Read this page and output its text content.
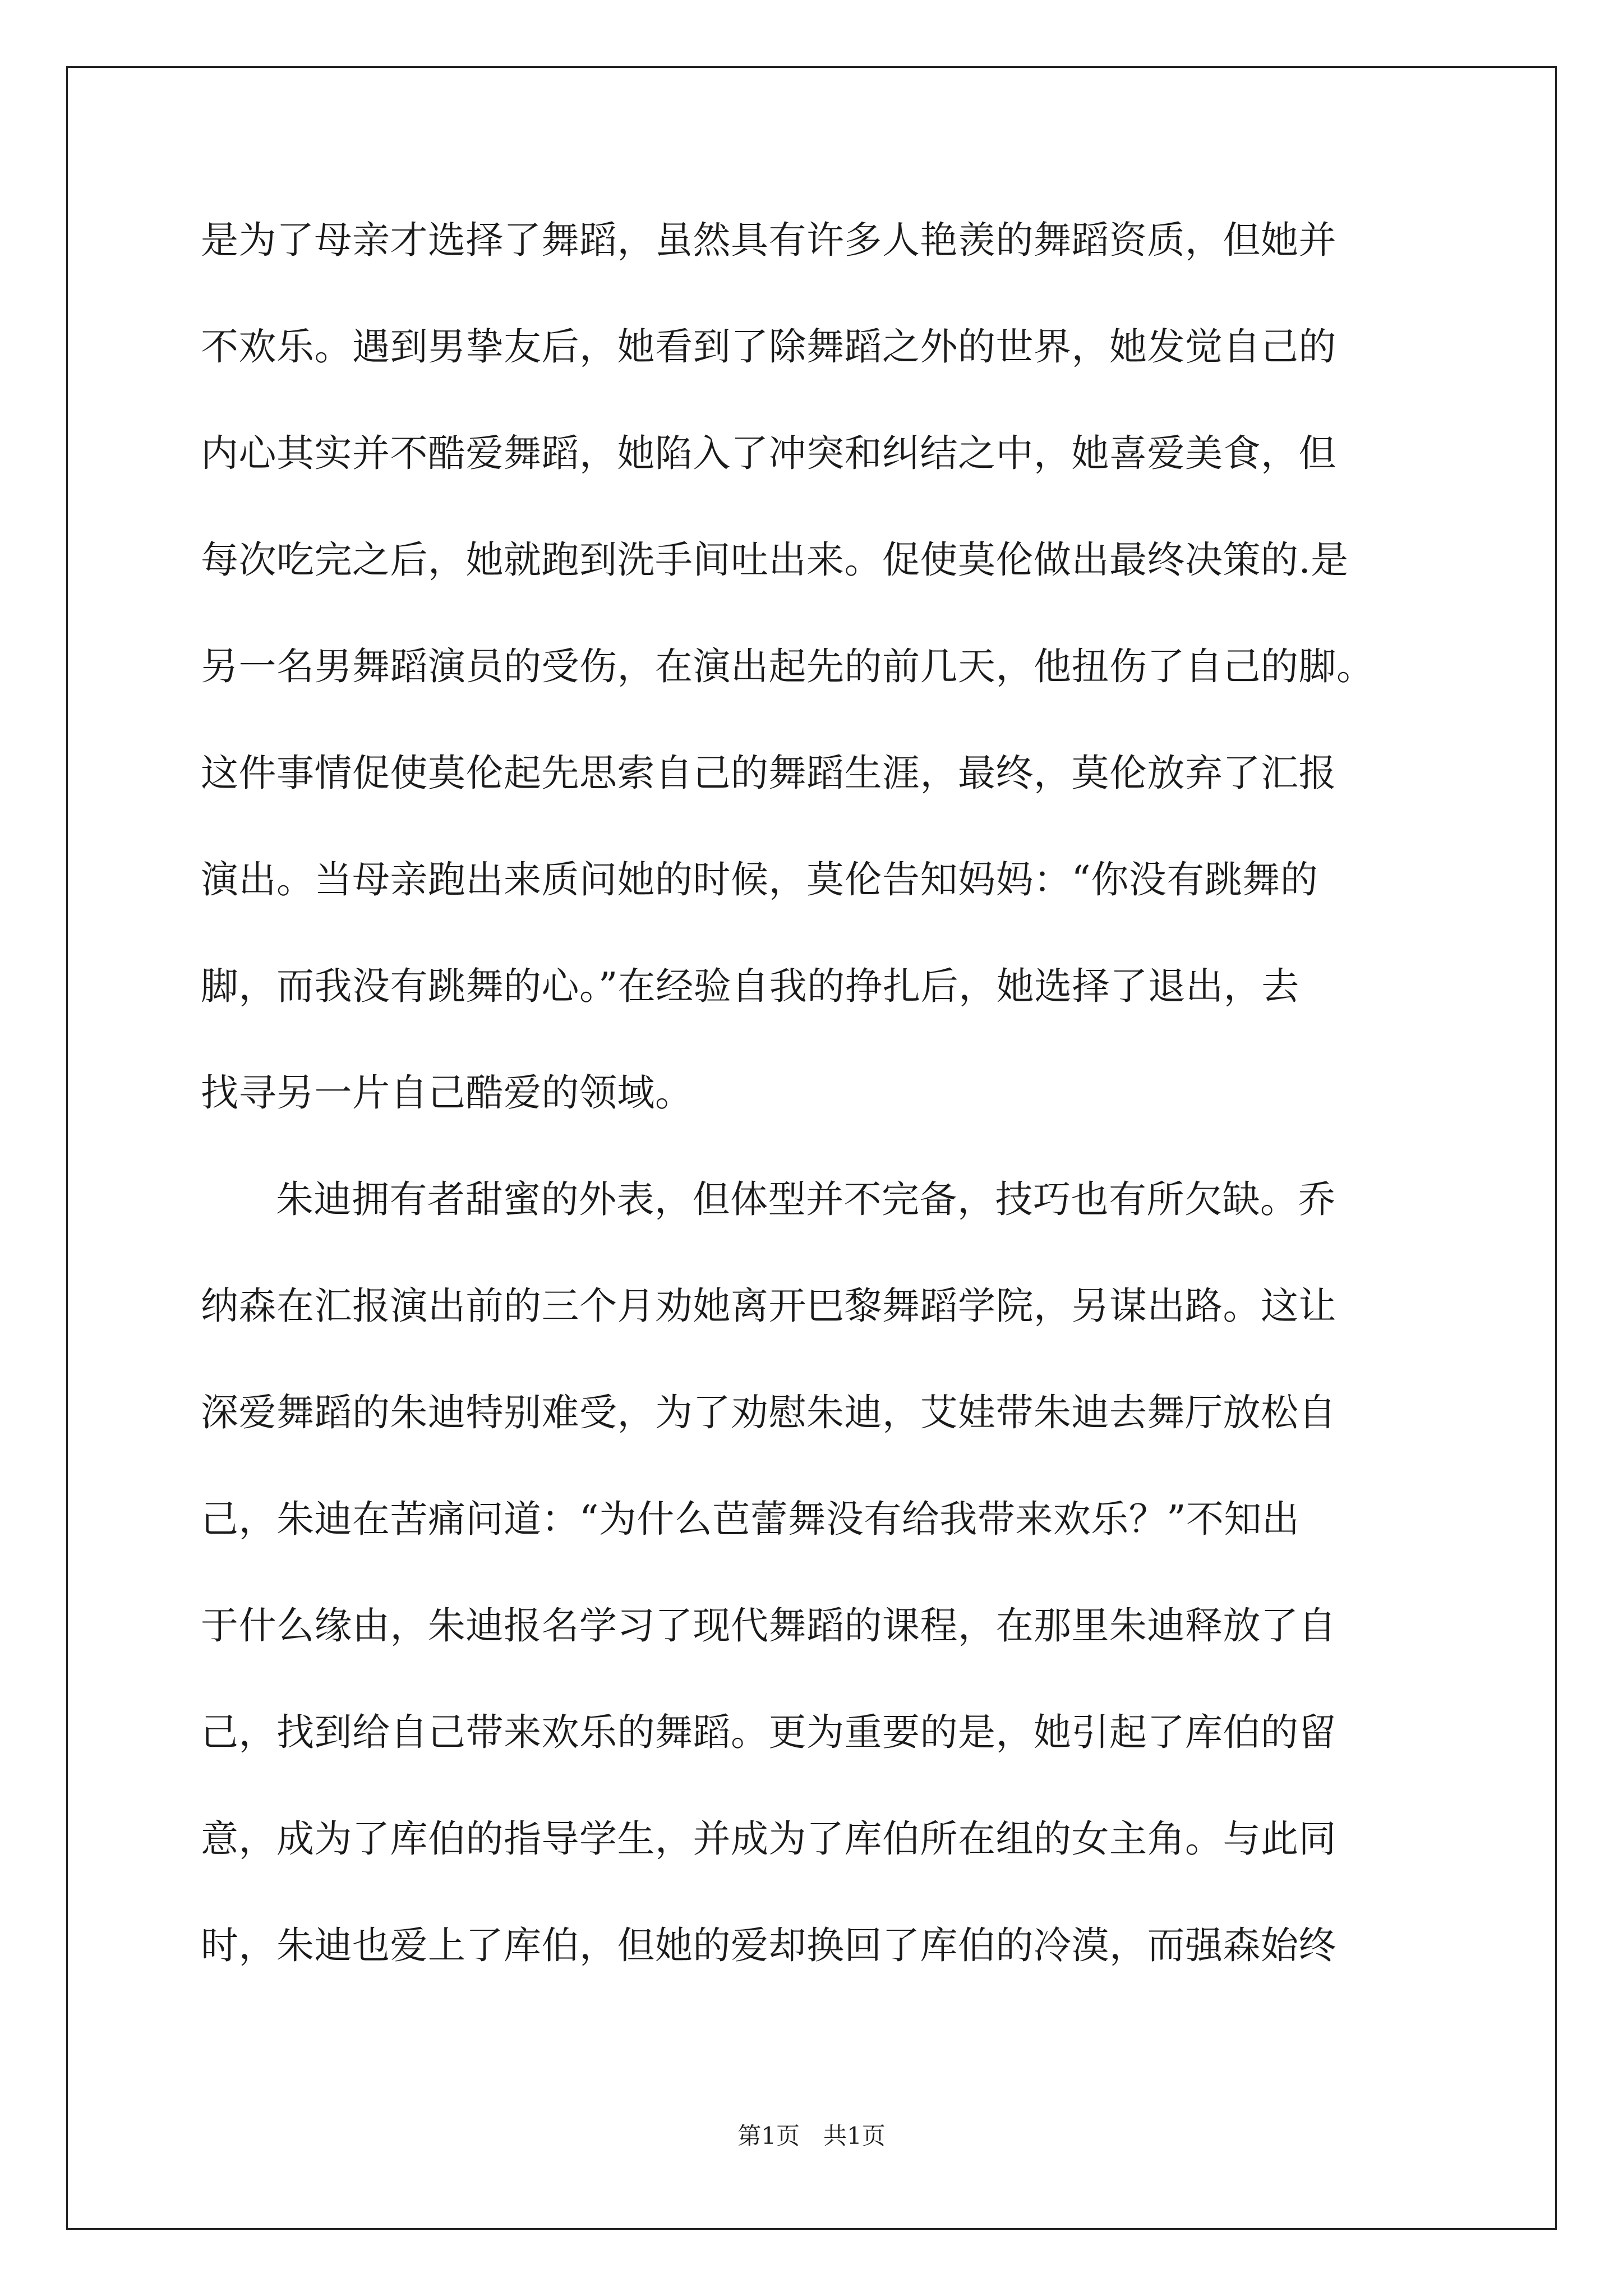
是为了母亲才选择了舞蹈，虽然具有许多人艳羡的舞蹈资质，但她并
不欢乐。遇到男挚友后，她看到了除舞蹈之外的世界，她发觉自己的
内心其实并不酷爱舞蹈，她陷入了冲突和纠结之中，她喜爱美食，但
每次吃完之后，她就跑到洗手间吐出来。促使莫伦做出最终决策的.是
另一名男舞蹈演员的受伤，在演出起先的前几天，他扭伤了自己的脚。
这件事情促使莫伦起先思索自己的舞蹈生涯，最终，莫伦放弃了汇报
演出。当母亲跑出来质问她的时候，莫伦告知妈妈：“你没有跳舞的
脚，而我没有跳舞的心。”在经验自我的挣扎后，她选择了退出，去
找寻另一片自己酷爱的领域。
朱迪拥有者甜蜜的外表，但体型并不完备，技巧也有所欠缺。乔
纳森在汇报演出前的三个月劝她离开巴黎舞蹈学院，另谋出路。这让
深爱舞蹈的朱迪特别难受，为了劝慰朱迪，艾娃带朱迪去舞厅放松自
己，朱迪在苦痛问道：“为什么芭蕾舞没有给我带来欢乐？”不知出
于什么缘由，朱迪报名学习了现代舞蹈的课程，在那里朱迪释放了自
己，找到给自己带来欢乐的舞蹈。更为重要的是，她引起了库伯的留
意，成为了库伯的指导学生，并成为了库伯所在组的女主角。与此同
时，朱迪也爱上了库伯，但她的爱却换回了库伯的冷漠，而强森始终
第1页　共1页
